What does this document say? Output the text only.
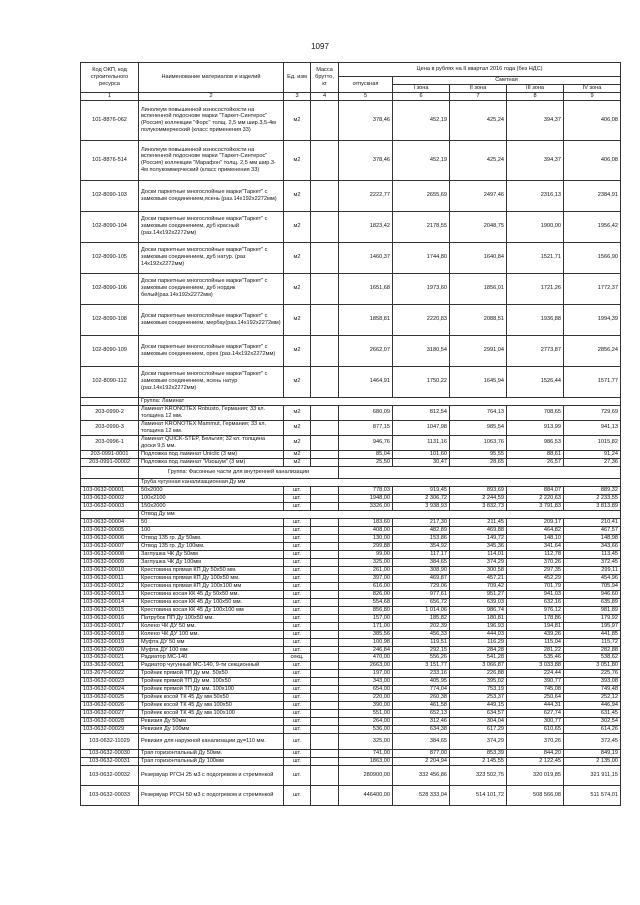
1097
Код ОКП, код строительного ресурса	Наименование материалов и изделий	Ед. изм	Масса брутто, кг	Цена в рублях на II квартал 2016 года (без НДС)				
				отпускная	Сметная			
					I зона	II зона	III зона	IV зона
1	2	3	4	5	6	7	8	9
101-8876-062	Линолеум повышенной износостойкости на вспененной подоснове марки "Таркет-Синтерос" (Россия) коллекции "Форс" толщ. 2,5 мм шир.3,5-4м полукоммерческий (класс применения 33)	м2		378,46	452,19	425,24	394,37	406,08
101-8876-514	Линолеум повышенной износостойкости на вспененной подоснове марки "Таркет-Синтерос" (Россия) коллекции "Марафон" толщ. 2,5 мм шир.3-4м полукоммерческий (класс применения 33)	м2		378,46	452,19	425,24	394,37	406,08
102-8090-103	Доски паркетные многослойные марки"Таркет" с замковым соединением,ясень (раз.14х192х2272мм)	м2		2222,77	2655,69	2497,46	2316,13	2384,91
102-8090-104	Доски паркетные многослойные марки"Таркет" с замковым соединением, дуб красный (раз.14х192х2272мм)	м2		1823,42	2178,55	2048,75	1900,00	1956,42
102-8090-105	Доски паркетные многослойные марки"Таркет" с замковым соединением, дуб натур. (раз 14х192х2272мм)	м2		1460,37	1744,80	1640,84	1521,71	1566,90
102-8090-106	Доски паркетные многослойные марки"Таркет" с замковым соединением, дуб нордик белый(раз.14х192х2272мм)	м2		1651,68	1973,60	1856,01	1721,26	1772,37
102-8090-108	Доски паркетные многослойные марки"Таркет" с замковым соединением, мербау(раз.14х192х2272мм)	м2		1858,81	2220,83	2088,51	1936,88	1994,39
102-8090-109	Доски паркетные многослойные марки"Таркет" с замковым соединением, орех (раз.14х192х2272мм)	м2		2662,07	3180,54	2991,04	2773,87	2856,24
102-8090-112	Доски паркетные многослойные марки"Таркет" с замковым соединением, ясень натур (раз.14х192х2272мм)	м2		1464,91	1750,22	1645,94	1526,44	1571,77
	Группа: Ламинат							
203-0990-2	Ламинат KRONOTEX Robusto, Германия; 33 кл. толщина 12 мм.	м2		680,09	812,54	764,13	708,65	729,69
203-0990-3	Ламинат KRONOTEX Mammut, Германия; 33 кл. толщина 12 мм.	м2		877,15	1047,98	985,54	913,99	941,13
203-0996-1	Ламинат QUICK-STEP, Бельгия; 32 кл. толщина доски 9,5 мм.	м2		946,76	1131,16	1063,76	986,53	1015,82
203-0991-0001	Подложка под ламинат Unicliс (3 мм)	м2		85,04	101,60	95,55	88,61	91,24
203-0991-00002	Подложка под ламинат "Изошум" (3 мм)	м2		25,50	30,47	28,65	26,57	27,36
	Группа: Фасонные части для внутренней канализации							
	Труба чугунная канализационная Ду мм							
103-0632-00001	50х2000	шт.		778,03	919,45	893,69	884,07	889,32
103-0632-00002	100х2100	шт.		1948,00	2 306,72	2 244,59	2 220,63	2 233,55
103-0632-00003	150х2000	шт.		3326,00	3 938,93	3 832,73	3 791,83	3 813,89
	Отвод Ду мм							
103-0632-00004	50	шт.		183,60	217,30	211,45	209,17	210,41
103-0632-00005	100	шт.		408,00	482,89	469,88	464,82	467,57
103-0632-00006	Отвод 135 гр. Ду 50мм.	шт.		130,00	153,86	149,72	148,10	148,98
103-0632-00007	Отвод 135 гр. Ду 100мм.	шт.		299,88	354,92	345,36	341,64	343,66
103-0632-00008	Заглушка ЧК Ду 50мм	шт.		99,00	117,17	114,01	112,78	113,45
103-0632-00009	Заглушка ЧК Ду 100мм	шт.		325,00	384,65	374,29	370,26	372,45
103-0632-00010	Крестовина прямая КП Ду 50х50 мм.	шт.		261,00	308,90	300,58	297,35	299,11
103-0632-00011	Крестовина прямая КП Ду 100х50 мм.	шт.		397,00	469,87	457,21	452,29	454,96
103-0632-00012	Крестовина прямая КП Ду 100х100 мм	шт.		616,00	729,06	709,42	701,79	705,94
103-0632-00013	Крестовина косая КК 45 Ду 50х50 мм.	шт.		826,00	977,61	951,27	941,03	946,60
103-0632-00014	Крестовина косая КК 45 Ду 100х50 мм.	шт.		554,68	656,72	639,03	632,16	635,89
103-0632-00015	Крестовина косая КК 45 Ду 100х100 мм	шт.		856,80	1 014,06	986,74	976,12	981,89
103-0632-00016	Патрубок ПП Ду 100х50 мм.	шт.		157,00	185,82	180,81	178,86	179,92
103-0632-00017	Колено ЧК ДУ 50 мм.	шт.		171,00	202,39	196,93	194,81	195,97
103-0632-00018	Колено ЧК ДУ 100 мм.	шт.		385,56	456,33	444,03	439,26	441,85
103-0632-00019	Муфта ДУ 50 мм	шт.		100,98	119,51	116,29	115,04	115,72
103-0632-00020	Муфта ДУ 100 мм	шт.		246,84	292,15	284,28	281,22	282,88
103-0632-00021	Радиатор МС-140	секц.		470,00	556,26	541,28	535,46	538,62
103-3632-00021	Радиатор чугунный МС-140, 9-ти секционный	шт.		2663,00	3 151,77	3 066,87	3 033,88	3 051,80
103-2670-00022	Тройник прямой ТП Ду мм. 50х50	шт.		197,00	233,16	226,88	224,44	225,76
103-0632-00023	Тройник прямой ТП Ду мм. 100х50	шт.		343,00	405,95	395,02	390,77	393,08
103-0632-00024	Тройник прямой ТП Ду мм. 100х100	шт.		654,00	774,04	753,19	745,08	749,48
103-0632-00025	Тройник косой ТК 45 Ду мм 50х50	шт.		220,00	260,38	253,37	250,64	252,12
103-0632-00026	Тройник косой ТК 45 Ду мм 100х50	шт.		390,00	461,58	449,15	444,31	446,94
103-0632-00027	Тройник косой ТК 45 Ду мм 100х100	шт.		551,00	652,13	634,57	627,74	631,45
103-0632-00028	Ревизия Ду 50мм	шт.		264,00	312,46	304,04	300,77	302,54
103-0632-00029	Ревизия Ду 100мм	шт.		536,00	634,38	617,29	610,65	614,26
103-0632-11029	Ревизия для наружной канализации ду=110 мм.	шт.		325,00	384,65	374,29	370,26	372,45
103-0632-00030	Трап горизонтальный Ду 50мм.	шт.		741,00	877,00	853,39	844,20	849,19
103-0632-00031	Трап горизонтальный Ду 100мм	шт.		1863,00	2 204,94	2 145,55	2 122,45	2 135,00
103-0632-00032	Резервуар РГСН 25 м3 с подогревом и стремянкой	шт.		280900,00	332 456,86	323 502,75	320 019,85	321 911,15
103-0632-00033	Резервуар РГСН 50 м3 с подогревом и стремянкой	шт.		446400,00	528 333,04	514 101,72	508 566,08	511 574,01
